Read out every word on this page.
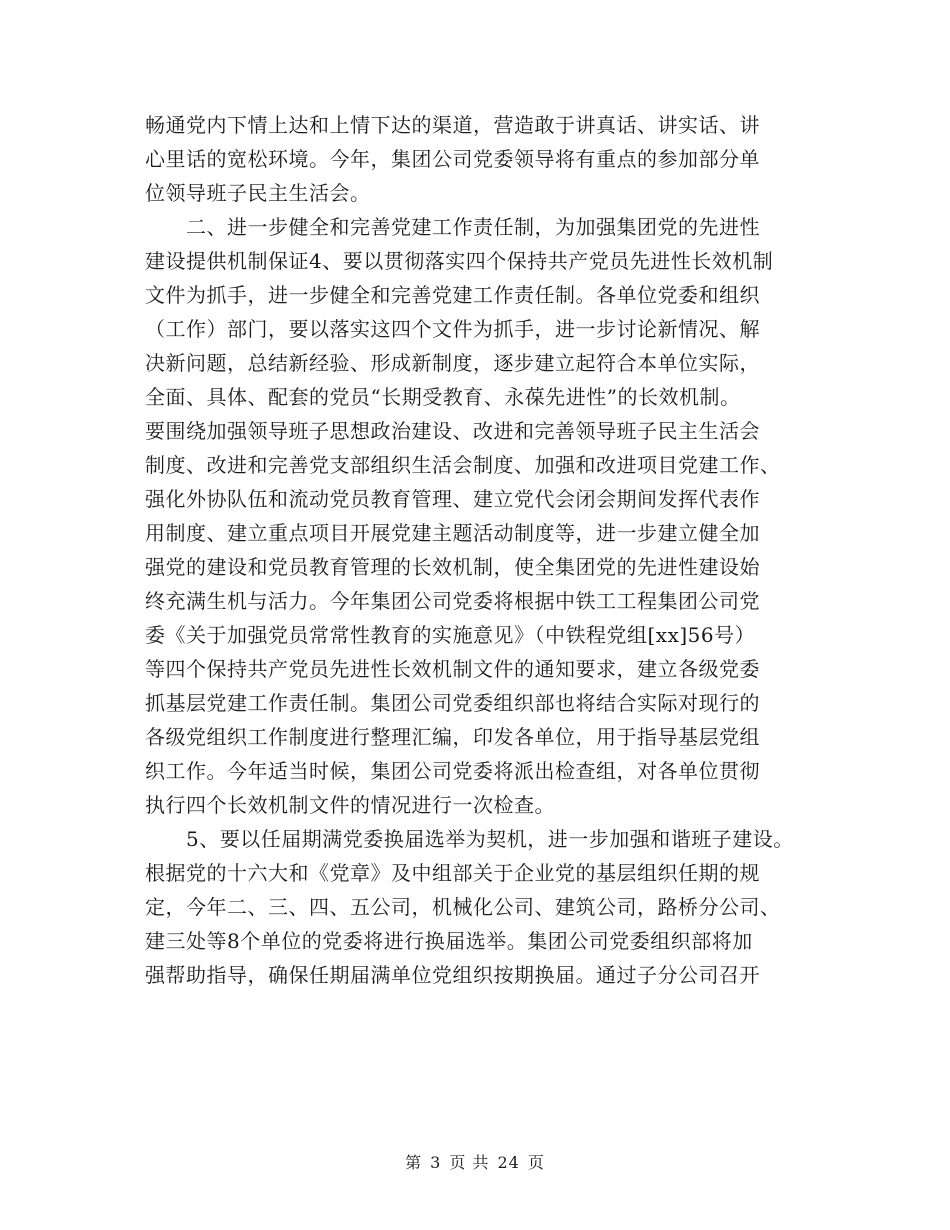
畅通党内下情上达和上情下达的渠道，营造敢于讲真话、讲实话、讲
心里话的宽松环境。今年，集团公司党委领导将有重点的参加部分单
位领导班子民主生活会。
　　二、进一步健全和完善党建工作责任制，为加强集团党的先进性
建设提供机制保证4、要以贯彻落实四个保持共产党员先进性长效机制
文件为抓手，进一步健全和完善党建工作责任制。各单位党委和组织
（工作）部门，要以落实这四个文件为抓手，进一步讨论新情况、解
决新问题，总结新经验、形成新制度，逐步建立起符合本单位实际，
全面、具体、配套的党员“长期受教育、永葆先进性”的长效机制。
要围绕加强领导班子思想政治建设、改进和完善领导班子民主生活会
制度、改进和完善党支部组织生活会制度、加强和改进项目党建工作、
强化外协队伍和流动党员教育管理、建立党代会闭会期间发挥代表作
用制度、建立重点项目开展党建主题活动制度等，进一步建立健全加
强党的建设和党员教育管理的长效机制，使全集团党的先进性建设始
终充满生机与活力。今年集团公司党委将根据中铁工工程集团公司党
委《关于加强党员常常性教育的实施意见》（中铁程党组[xx]56号）
等四个保持共产党员先进性长效机制文件的通知要求，建立各级党委
抓基层党建工作责任制。集团公司党委组织部也将结合实际对现行的
各级党组织工作制度进行整理汇编，印发各单位，用于指导基层党组
织工作。今年适当时候，集团公司党委将派出检查组，对各单位贯彻
执行四个长效机制文件的情况进行一次检查。
　　5、要以任届期满党委换届选举为契机，进一步加强和谐班子建设。
根据党的十六大和《党章》及中组部关于企业党的基层组织任期的规
定，今年二、三、四、五公司，机械化公司、建筑公司，路桥分公司、
建三处等8个单位的党委将进行换届选举。集团公司党委组织部将加
强帮助指导，确保任期届满单位党组织按期换届。通过子分公司召开
第 3 页 共 24 页
